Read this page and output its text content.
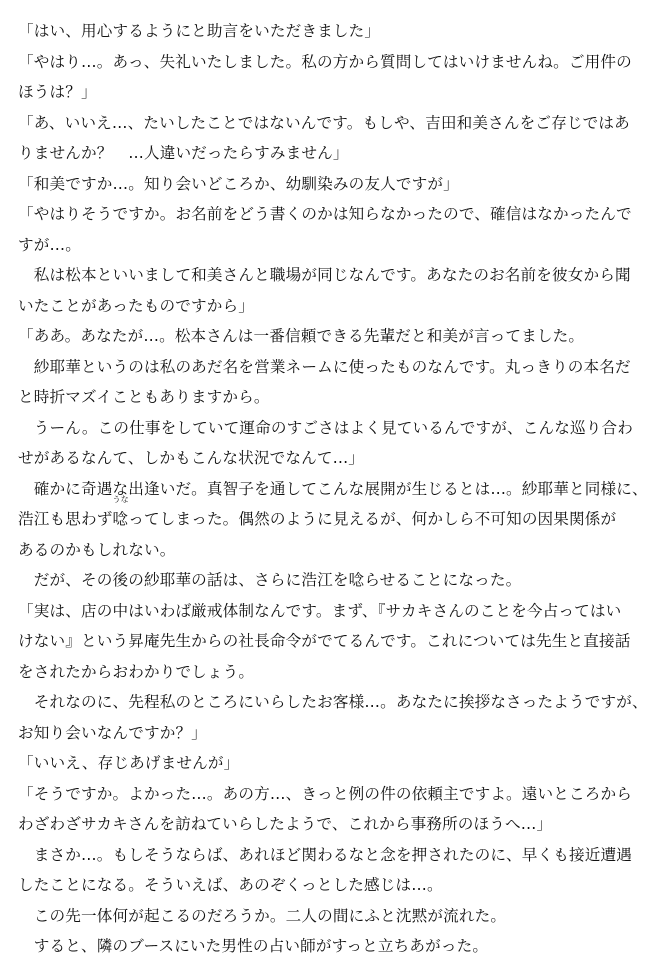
「はい、用心するようにと助言をいただきました」
「やはり…。あっ、失礼いたしました。私の方から質問してはいけませんね。ご用件の
ほうは？」
「あ、いいえ…、たいしたことではないんです。もしや、吉田和美さんをご存じではあ
りませんか？　…人違いだったらすみません」
「和美ですか…。知り会いどころか、幼馴染みの友人ですが」
「やはりそうですか。お名前をどう書くのかは知らなかったので、確信はなかったんで
すが…。
　私は松本といいまして和美さんと職場が同じなんです。あなたのお名前を彼女から聞
いたことがあったものですから」
「ああ。あなたが…。松本さんは一番信頼できる先輩だと和美が言ってました。
　紗耶華というのは私のあだ名を営業ネームに使ったものなんです。丸っきりの本名だ
と時折マズイこともありますから。
　うーん。この仕事をしていて運命のすごさはよく見ているんですが、こんな巡り合わ
せがあるなんて、しかもこんな状況でなんて…」
　確かに奇遇な出逢いだ。真智子を通してこんな展開が生じるとは…。紗耶華と同様に、
浩江も思わず
うな
唸ってしまった。偶然のように見えるが、何かしら不可知の因果関係が
あるのかもしれない。
　だが、その後の紗耶華の話は、さらに浩江を唸らせることになった。
「実は、店の中はいわば厳戒体制なんです。まず、『サカキさんのことを今占ってはい
けない』という昇庵先生からの社長命令がでてるんです。これについては先生と直接話
をされたからおわかりでしょう。
　それなのに、先程私のところにいらしたお客様…。あなたに挨拶なさったようですが、
お知り会いなんですか？」
「いいえ、存じあげませんが」
「そうですか。よかった…。あの方…、きっと例の件の依頼主ですよ。遠いところから
わざわざサカキさんを訪ねていらしたようで、これから事務所のほうへ…」
　まさか…。もしそうならば、あれほど関わるなと念を押されたのに、早くも接近遭遇
したことになる。そういえば、あのぞくっとした感じは…。
　この先一体何が起こるのだろうか。二人の間にふと沈黙が流れた。
　すると、隣のブースにいた男性の占い師がすっと立ちあがった。
